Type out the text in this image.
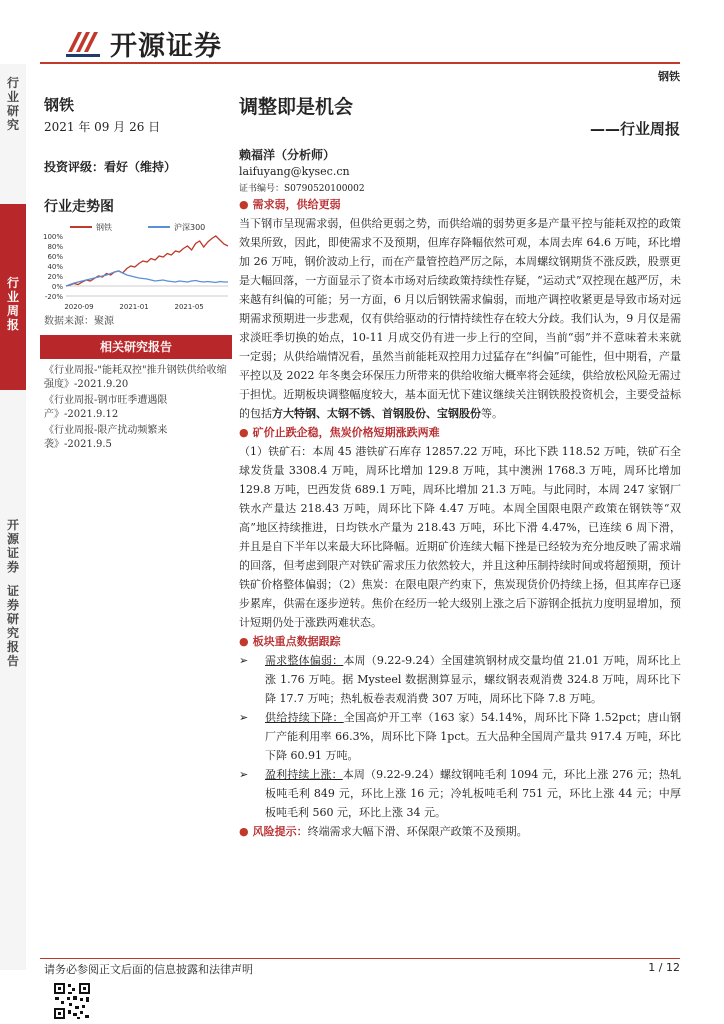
开源证券
钢铁
行
业
研
究
行
业
周
报
开
源
证
券
证
券
研
究
报
告
钢铁
2021 年 09 月 26 日
投资评级：看好（维持）
行业走势图
-20%
0%
20%
40%
60%
80%
100%
2020-09	2021-01	2021-05
钢铁	沪深300
数据来源：聚源
相关研究报告
《行业周报-"能耗双控"推升钢铁供给收缩强度》-2021.9.20
《行业周报-钢市旺季遭遇限产》-2021.9.12
《行业周报-限产扰动频繁来袭》-2021.9.5
调整即是机会
——行业周报
赖福洋（分析师）
laifuyang@kysec.cn
证书编号：S0790520100002
● 需求弱，供给更弱
当下钢市呈现需求弱，但供给更弱之势，而供给端的弱势更多是产量平控与能耗双控的政策效果所致，因此，即使需求不及预期，但库存降幅依然可观，本周去库 64.6 万吨，环比增加 26 万吨，钢价波动上行，而在产量管控趋严厉之际，本周螺纹钢期货不涨反跌，股票更是大幅回落，一方面显示了资本市场对后续政策持续性存疑，“运动式”双控现在越严厉，未来越有纠偏的可能；另一方面，6 月以后钢铁需求偏弱，而地产调控收紧更是导致市场对远期需求预期进一步悲观，仅有供给驱动的行情持续性存在较大分歧。我们认为，9 月仅是需求淡旺季切换的始点，10-11 月成交仍有进一步上行的空间，当前“弱”并不意味着未来就一定弱；从供给端情况看，虽然当前能耗双控用力过猛存在“纠偏”可能性，但中期看，产量平控以及 2022 年冬奥会环保压力所带来的供给收缩大概率将会延续，供给放松风险无需过于担忧。近期板块调整幅度较大，基本面无忧下建议继续关注钢铁股投资机会，主要受益标的包括方大特钢、太钢不锈、首钢股份、宝钢股份等。
● 矿价止跌企稳，焦炭价格短期涨跌两难
（1）铁矿石：本周 45 港铁矿石库存 12857.22 万吨，环比下跌 118.52 万吨，铁矿石全球发货量 3308.4 万吨，周环比增加 129.8 万吨，其中澳洲 1768.3 万吨，周环比增加 129.8 万吨，巴西发货 689.1 万吨，周环比增加 21.3 万吨。与此同时，本周 247 家钢厂铁水产量达 218.43 万吨，周环比下降 4.47 万吨。本周全国限电限产政策在钢铁等“双高”地区持续推进，日均铁水产量为 218.43 万吨，环比下滑 4.47%，已连续 6 周下滑，并且是自下半年以来最大环比降幅。近期矿价连续大幅下挫是已经较为充分地反映了需求端的回落，但考虑到限产对铁矿需求压力依然较大，并且这种压制持续时间或将超预期，预计铁矿价格整体偏弱；（2）焦炭：在限电限产约束下，焦炭现货价仍持续上扬，但其库存已逐步累库，供需在逐步逆转。焦价在经历一轮大级别上涨之后下游钢企抵抗力度明显增加，预计短期仍处于涨跌两难状态。
● 板块重点数据跟踪
➢ 需求整体偏弱：本周（9.22-9.24）全国建筑钢材成交量均值 21.01 万吨，周环比上涨 1.76 万吨。据 Mysteel 数据测算显示，螺纹钢表观消费 324.8 万吨，周环比下降 17.7 万吨；热轧板卷表观消费 307 万吨，周环比下降 7.8 万吨。
➢ 供给持续下降：全国高炉开工率（163 家）54.14%，周环比下降 1.52pct；唐山钢厂产能利用率 66.3%，周环比下降 1pct。五大品种全国周产量共 917.4 万吨，环比下降 60.91 万吨。
➢ 盈利持续上涨：本周（9.22-9.24）螺纹钢吨毛利 1094 元，环比上涨 276 元；热轧板吨毛利 849 元，环比上涨 16 元；冷轧板吨毛利 751 元，环比上涨 44 元；中厚板吨毛利 560 元，环比上涨 34 元。
● 风险提示：终端需求大幅下滑、环保限产政策不及预期。
请务必参阅正文后面的信息披露和法律声明	1 / 12
